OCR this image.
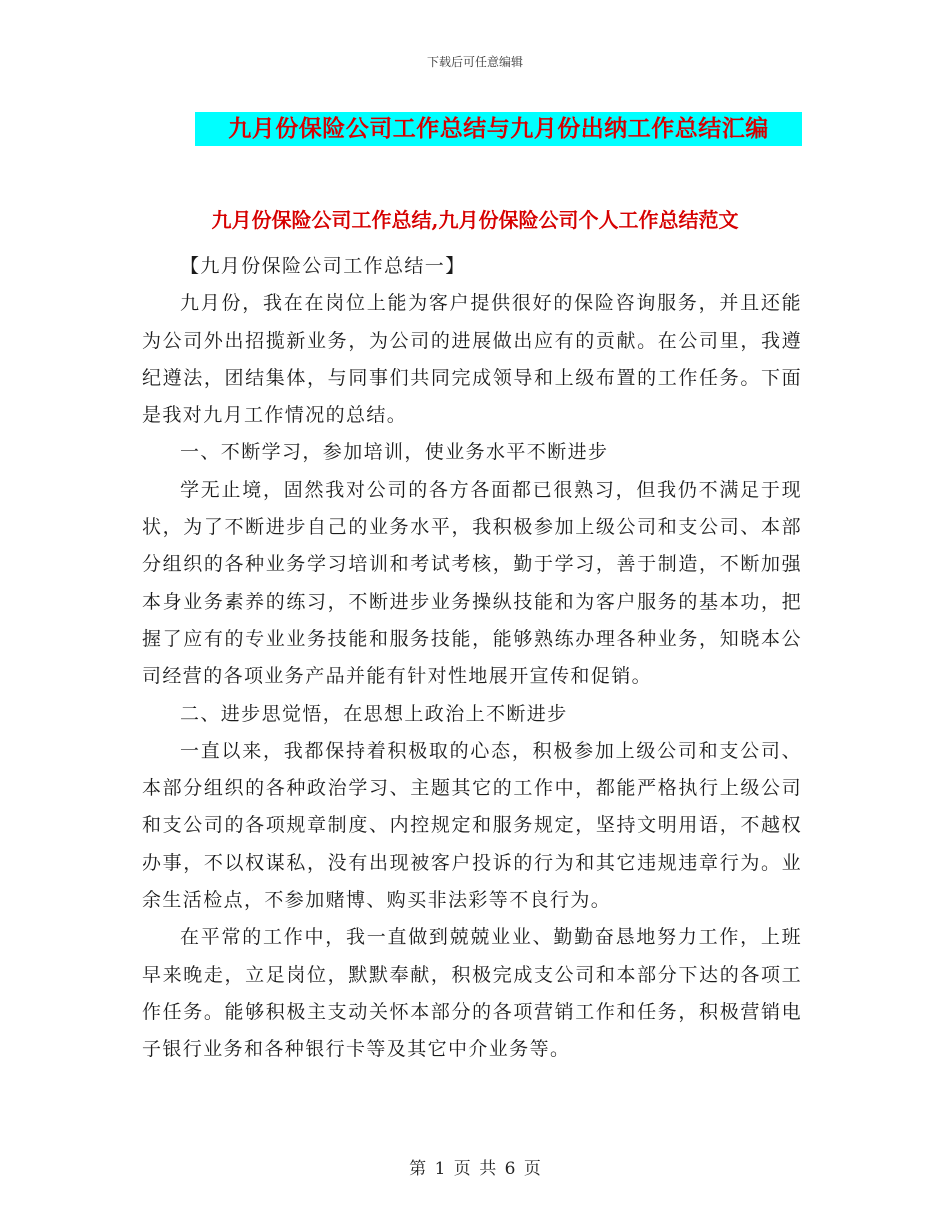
下载后可任意编辑
九月份保险公司工作总结与九月份出纳工作总结汇编
九月份保险公司工作总结,九月份保险公司个人工作总结范文

【九月份保险公司工作总结一】

九月份，我在在岗位上能为客户提供很好的保险咨询服务，并且还能为公司外出招揽新业务，为公司的进展做出应有的贡献。在公司里，我遵纪遵法，团结集体，与同事们共同完成领导和上级布置的工作任务。下面是我对九月工作情况的总结。

一、不断学习，参加培训，使业务水平不断进步

学无止境，固然我对公司的各方各面都已很熟习，但我仍不满足于现状，为了不断进步自己的业务水平，我积极参加上级公司和支公司、本部分组织的各种业务学习培训和考试考核，勤于学习，善于制造，不断加强本身业务素养的练习，不断进步业务操纵技能和为客户服务的基本功，把握了应有的专业业务技能和服务技能，能够熟练办理各种业务，知晓本公司经营的各项业务产品并能有针对性地展开宣传和促销。

二、进步思觉悟，在思想上政治上不断进步

一直以来，我都保持着积极取的心态，积极参加上级公司和支公司、本部分组织的各种政治学习、主题其它的工作中，都能严格执行上级公司和支公司的各项规章制度、内控规定和服务规定，坚持文明用语，不越权办事，不以权谋私，没有出现被客户投诉的行为和其它违规违章行为。业余生活检点，不参加赌博、购买非法彩等不良行为。

在平常的工作中，我一直做到兢兢业业、勤勤奋恳地努力工作，上班早来晚走，立足岗位，默默奉献，积极完成支公司和本部分下达的各项工作任务。能够积极主支动关怀本部分的各项营销工作和任务，积极营销电子银行业务和各种银行卡等及其它中介业务等。

第 1 页 共 6 页
